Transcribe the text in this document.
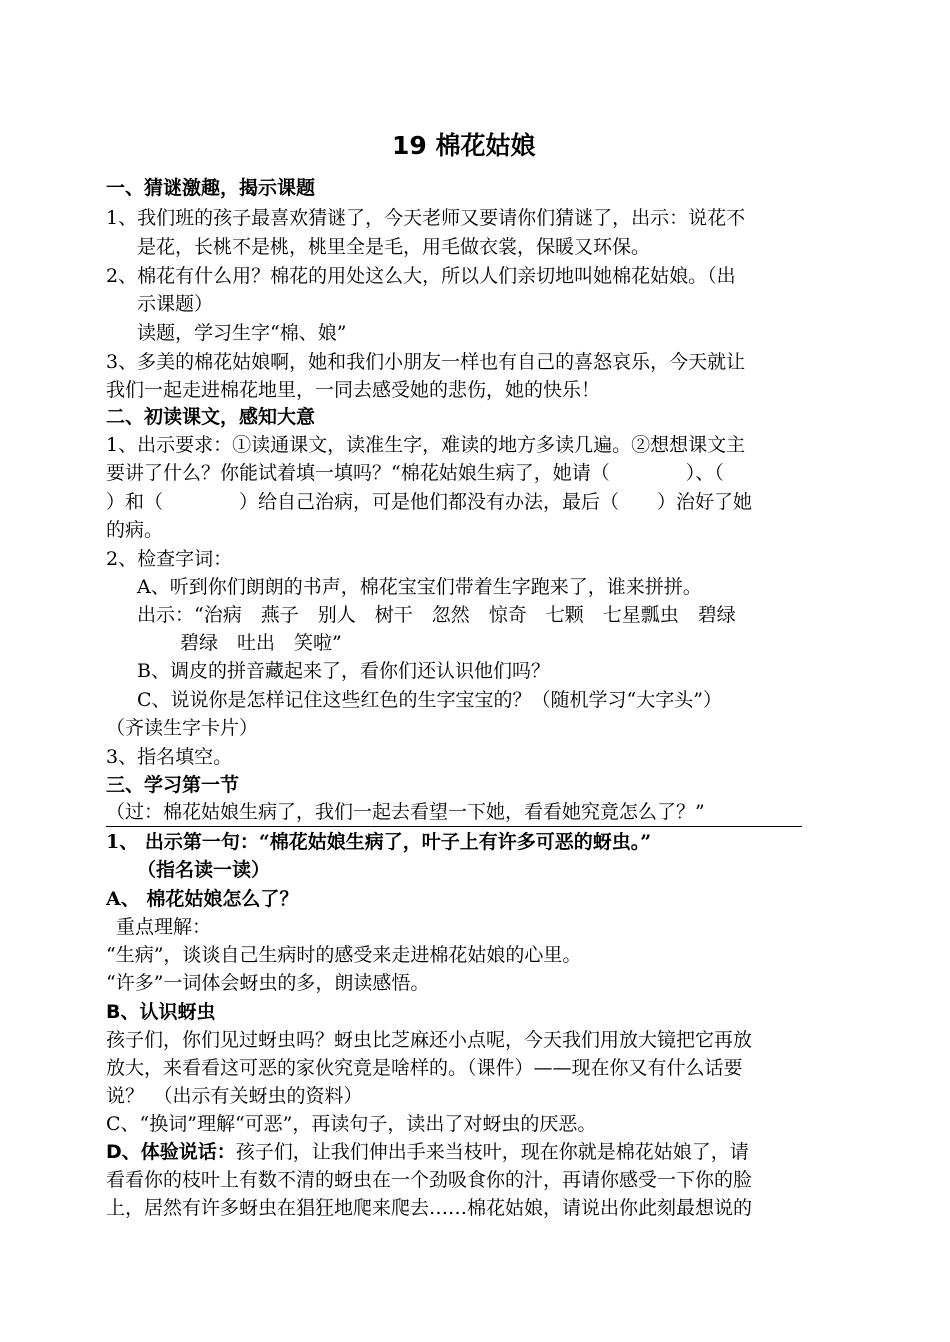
19 棉花姑娘
一、猜谜激趣，揭示课题
1、我们班的孩子最喜欢猜谜了，今天老师又要请你们猜谜了，出示：说花不
是花，长桃不是桃，桃里全是毛，用毛做衣裳，保暖又环保。
2、棉花有什么用？棉花的用处这么大，所以人们亲切地叫她棉花姑娘。（出
示课题）
读题，学习生字“棉、娘”
3、多美的棉花姑娘啊，她和我们小朋友一样也有自己的喜怒哀乐，今天就让
我们一起走进棉花地里，一同去感受她的悲伤，她的快乐！
二、初读课文，感知大意
1、出示要求：①读通课文，读准生字，难读的地方多读几遍。②想想课文主
要讲了什么？你能试着填一填吗？“棉花姑娘生病了，她请（　　　　）、（
）和（　　　　）给自己治病，可是他们都没有办法，最后（　　）治好了她
的病。
2、检查字词：
A、听到你们朗朗的书声，棉花宝宝们带着生字跑来了，谁来拼拼。
出示：“治病　燕子　别人　树干　忽然　惊奇　七颗　七星瓢虫　碧绿
碧绿　吐出　笑啦”
B、调皮的拼音藏起来了，看你们还认识他们吗？
C、说说你是怎样记住这些红色的生字宝宝的？（随机学习“大字头”）
（齐读生字卡片）
3、指名填空。
三、学习第一节
（过：棉花姑娘生病了，我们一起去看望一下她，看看她究竟怎么了？”
1、 出示第一句：“棉花姑娘生病了，叶子上有许多可恶的蚜虫。”
（指名读一读）
A、 棉花姑娘怎么了？
重点理解：
“生病”，谈谈自己生病时的感受来走进棉花姑娘的心里。
“许多”一词体会蚜虫的多，朗读感悟。
B、认识蚜虫
孩子们，你们见过蚜虫吗？蚜虫比芝麻还小点呢，今天我们用放大镜把它再放
放大，来看看这可恶的家伙究竟是啥样的。（课件）——现在你又有什么话要
说？　（出示有关蚜虫的资料）
C、“换词”理解“可恶”，再读句子，读出了对蚜虫的厌恶。
D、体验说话：孩子们，让我们伸出手来当枝叶，现在你就是棉花姑娘了，请
看看你的枝叶上有数不清的蚜虫在一个劲吸食你的汁，再请你感受一下你的脸
上，居然有许多蚜虫在猖狂地爬来爬去……棉花姑娘，请说出你此刻最想说的
